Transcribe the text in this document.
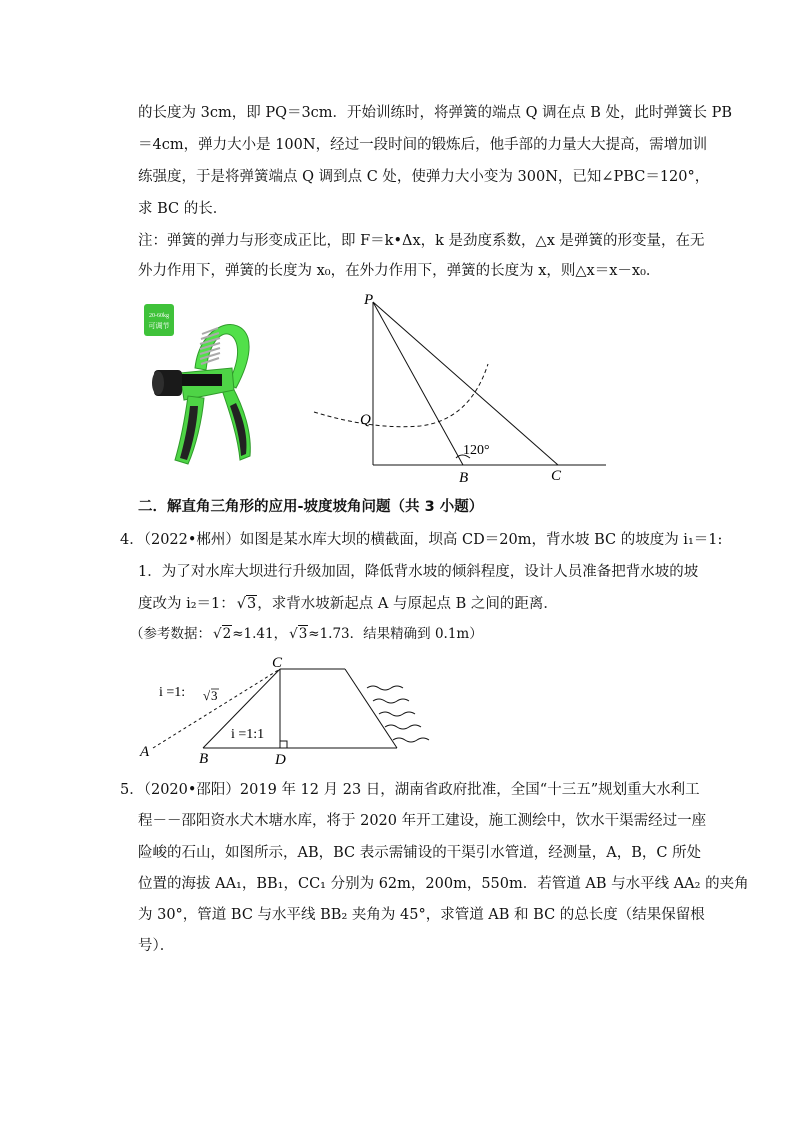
的长度为 3cm，即 PQ＝3cm．开始训练时，将弹簧的端点 Q 调在点 B 处，此时弹簧长 PB
＝4cm，弹力大小是 100N，经过一段时间的锻炼后，他手部的力量大大提高，需增加训
练强度，于是将弹簧端点 Q 调到点 C 处，使弹力大小变为 300N，已知∠PBC＝120°，
求 BC 的长．
注：弹簧的弹力与形变成正比，即 F＝k•Δx，k 是劲度系数，△x 是弹簧的形变量，在无
外力作用下，弹簧的长度为 x₀，在外力作用下，弹簧的长度为 x，则△x＝x－x₀．
20-60kg
可调节
P
Q
B	C
120°
二．解直角三角形的应用-坡度坡角问题（共 3 小题）
4．（2022•郴州）如图是某水库大坝的横截面，坝高 CD＝20m，背水坡 BC 的坡度为 i₁＝1:
1．为了对水库大坝进行升级加固，降低背水坡的倾斜程度，设计人员准备把背水坡的坡
度改为 i₂＝1： √3，求背水坡新起点 A 与原起点 B 之间的距离．
（参考数据： √2≈1.41， √3≈1.73．结果精确到 0.1m）
C
A	B	D
i =1: √ 3
i =1:1
5．（2020•邵阳）2019 年 12 月 23 日，湖南省政府批准，全国“十三五”规划重大水利工
程－－邵阳资水犬木塘水库，将于 2020 年开工建设，施工测绘中，饮水干渠需经过一座
险峻的石山，如图所示，AB，BC 表示需铺设的干渠引水管道，经测量，A，B，C 所处
位置的海拔 AA₁，BB₁，CC₁ 分别为 62m，200m，550m．若管道 AB 与水平线 AA₂ 的夹角
为 30°，管道 BC 与水平线 BB₂ 夹角为 45°，求管道 AB 和 BC 的总长度（结果保留根
号）．
